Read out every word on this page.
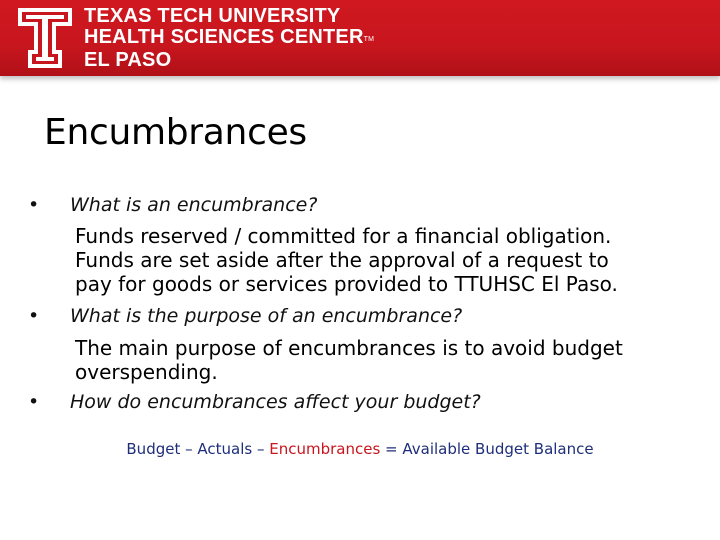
TEXAS TECH UNIVERSITY
HEALTH SCIENCES CENTERTM
EL PASO
Encumbrances
• What is an encumbrance?
Funds reserved / committed for a financial obligation.
Funds are set aside after the approval of a request to
pay for goods or services provided to TTUHSC El Paso.
• What is the purpose of an encumbrance?
The main purpose of encumbrances is to avoid budget
overspending.
• How do encumbrances affect your budget?
Budget – Actuals – Encumbrances = Available Budget Balance
